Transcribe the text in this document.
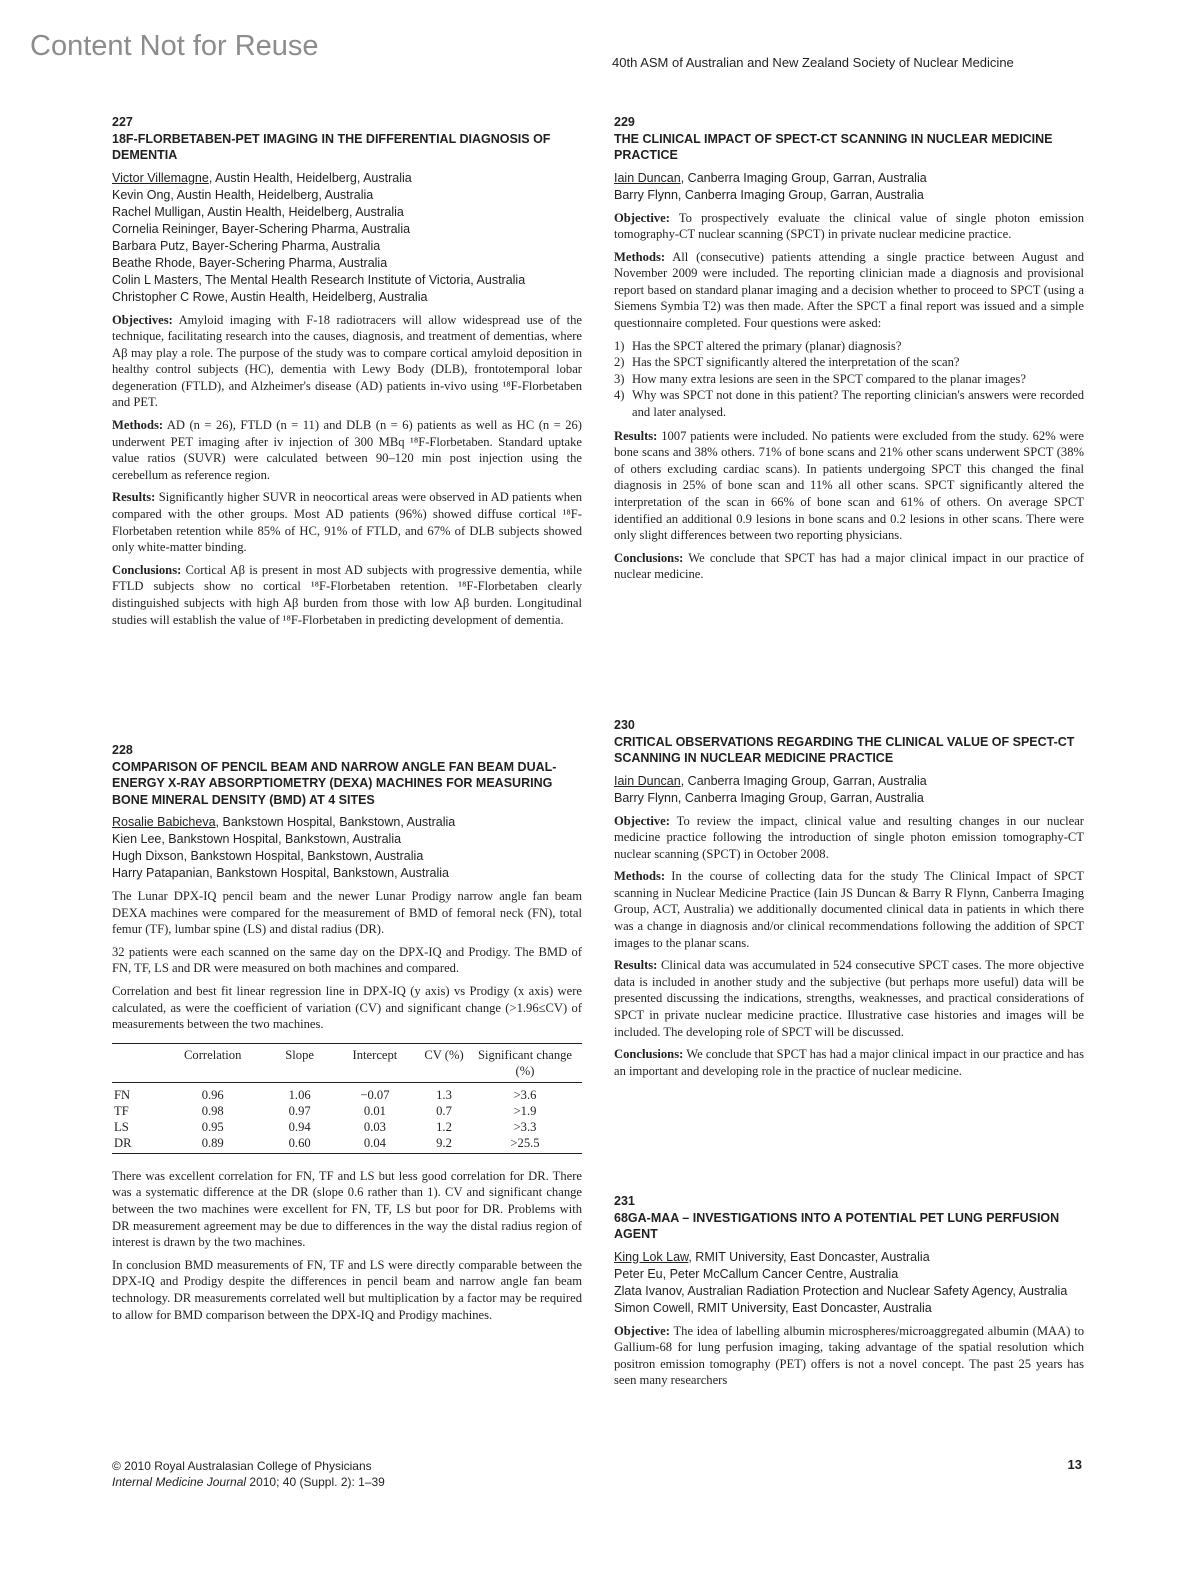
Content Not for Reuse
40th ASM of Australian and New Zealand Society of Nuclear Medicine
227
18F-FLORBETABEN-PET IMAGING IN THE DIFFERENTIAL DIAGNOSIS OF DEMENTIA
Victor Villemagne, Austin Health, Heidelberg, Australia
Kevin Ong, Austin Health, Heidelberg, Australia
Rachel Mulligan, Austin Health, Heidelberg, Australia
Cornelia Reininger, Bayer-Schering Pharma, Australia
Barbara Putz, Bayer-Schering Pharma, Australia
Beathe Rhode, Bayer-Schering Pharma, Australia
Colin L Masters, The Mental Health Research Institute of Victoria, Australia
Christopher C Rowe, Austin Health, Heidelberg, Australia

Objectives: Amyloid imaging with F-18 radiotracers will allow widespread use of the technique, facilitating research into the causes, diagnosis, and treatment of dementias, where Aβ may play a role. The purpose of the study was to compare cortical amyloid deposition in healthy control subjects (HC), dementia with Lewy Body (DLB), frontotemporal lobar degeneration (FTLD), and Alzheimer's disease (AD) patients in-vivo using ¹⁸F-Florbetaben and PET.

Methods: AD (n = 26), FTLD (n = 11) and DLB (n = 6) patients as well as HC (n = 26) underwent PET imaging after iv injection of 300 MBq ¹⁸F-Florbetaben. Standard uptake value ratios (SUVR) were calculated between 90–120 min post injection using the cerebellum as reference region.

Results: Significantly higher SUVR in neocortical areas were observed in AD patients when compared with the other groups. Most AD patients (96%) showed diffuse cortical ¹⁸F-Florbetaben retention while 85% of HC, 91% of FTLD, and 67% of DLB subjects showed only white-matter binding.

Conclusions: Cortical Aβ is present in most AD subjects with progressive dementia, while FTLD subjects show no cortical ¹⁸F-Florbetaben retention. ¹⁸F-Florbetaben clearly distinguished subjects with high Aβ burden from those with low Aβ burden. Longitudinal studies will establish the value of ¹⁸F-Florbetaben in predicting development of dementia.

228
COMPARISON OF PENCIL BEAM AND NARROW ANGLE FAN BEAM DUAL-ENERGY X-RAY ABSORPTIOMETRY (DEXA) MACHINES FOR MEASURING BONE MINERAL DENSITY (BMD) AT 4 SITES
Rosalie Babicheva, Bankstown Hospital, Bankstown, Australia
Kien Lee, Bankstown Hospital, Bankstown, Australia
Hugh Dixson, Bankstown Hospital, Bankstown, Australia
Harry Patapanian, Bankstown Hospital, Bankstown, Australia

The Lunar DPX-IQ pencil beam and the newer Lunar Prodigy narrow angle fan beam DEXA machines were compared for the measurement of BMD of femoral neck (FN), total femur (TF), lumbar spine (LS) and distal radius (DR).

32 patients were each scanned on the same day on the DPX-IQ and Prodigy. The BMD of FN, TF, LS and DR were measured on both machines and compared.

Correlation and best fit linear regression line in DPX-IQ (y axis) vs Prodigy (x axis) were calculated, as were the coefficient of variation (CV) and significant change (>1.96≤CV) of measurements between the two machines.

	Correlation	Slope	Intercept	CV (%)	Significant change (%)
FN	0.96	1.06	−0.07	1.3	>3.6
TF	0.98	0.97	0.01	0.7	>1.9
LS	0.95	0.94	0.03	1.2	>3.3
DR	0.89	0.60	0.04	9.2	>25.5

There was excellent correlation for FN, TF and LS but less good correlation for DR. There was a systematic difference at the DR (slope 0.6 rather than 1). CV and significant change between the two machines were excellent for FN, TF, LS but poor for DR. Problems with DR measurement agreement may be due to differences in the way the distal radius region of interest is drawn by the two machines.

In conclusion BMD measurements of FN, TF and LS were directly comparable between the DPX-IQ and Prodigy despite the differences in pencil beam and narrow angle fan beam technology. DR measurements correlated well but multiplication by a factor may be required to allow for BMD comparison between the DPX-IQ and Prodigy machines.

229
THE CLINICAL IMPACT OF SPECT-CT SCANNING IN NUCLEAR MEDICINE PRACTICE
Iain Duncan, Canberra Imaging Group, Garran, Australia
Barry Flynn, Canberra Imaging Group, Garran, Australia

Objective: To prospectively evaluate the clinical value of single photon emission tomography-CT nuclear scanning (SPCT) in private nuclear medicine practice.

Methods: All (consecutive) patients attending a single practice between August and November 2009 were included. The reporting clinician made a diagnosis and provisional report based on standard planar imaging and a decision whether to proceed to SPCT (using a Siemens Symbia T2) was then made. After the SPCT a final report was issued and a simple questionnaire completed. Four questions were asked:

1) Has the SPCT altered the primary (planar) diagnosis?
2) Has the SPCT significantly altered the interpretation of the scan?
3) How many extra lesions are seen in the SPCT compared to the planar images?
4) Why was SPCT not done in this patient? The reporting clinician's answers were recorded and later analysed.

Results: 1007 patients were included. No patients were excluded from the study. 62% were bone scans and 38% others. 71% of bone scans and 21% other scans underwent SPCT (38% of others excluding cardiac scans). In patients undergoing SPCT this changed the final diagnosis in 25% of bone scan and 11% all other scans. SPCT significantly altered the interpretation of the scan in 66% of bone scan and 61% of others. On average SPCT identified an additional 0.9 lesions in bone scans and 0.2 lesions in other scans. There were only slight differences between two reporting physicians.

Conclusions: We conclude that SPCT has had a major clinical impact in our practice of nuclear medicine.

230
CRITICAL OBSERVATIONS REGARDING THE CLINICAL VALUE OF SPECT-CT SCANNING IN NUCLEAR MEDICINE PRACTICE
Iain Duncan, Canberra Imaging Group, Garran, Australia
Barry Flynn, Canberra Imaging Group, Garran, Australia

Objective: To review the impact, clinical value and resulting changes in our nuclear medicine practice following the introduction of single photon emission tomography-CT nuclear scanning (SPCT) in October 2008.

Methods: In the course of collecting data for the study The Clinical Impact of SPCT scanning in Nuclear Medicine Practice (Iain JS Duncan & Barry R Flynn, Canberra Imaging Group, ACT, Australia) we additionally documented clinical data in patients in which there was a change in diagnosis and/or clinical recommendations following the addition of SPCT images to the planar scans.

Results: Clinical data was accumulated in 524 consecutive SPCT cases. The more objective data is included in another study and the subjective (but perhaps more useful) data will be presented discussing the indications, strengths, weaknesses, and practical considerations of SPCT in private nuclear medicine practice. Illustrative case histories and images will be included. The developing role of SPCT will be discussed.

Conclusions: We conclude that SPCT has had a major clinical impact in our practice and has an important and developing role in the practice of nuclear medicine.

231
68GA-MAA – INVESTIGATIONS INTO A POTENTIAL PET LUNG PERFUSION AGENT
King Lok Law, RMIT University, East Doncaster, Australia
Peter Eu, Peter McCallum Cancer Centre, Australia
Zlata Ivanov, Australian Radiation Protection and Nuclear Safety Agency, Australia
Simon Cowell, RMIT University, East Doncaster, Australia

Objective: The idea of labelling albumin microspheres/microaggregated albumin (MAA) to Gallium-68 for lung perfusion imaging, taking advantage of the spatial resolution which positron emission tomography (PET) offers is not a novel concept. The past 25 years has seen many researchers

© 2010 Royal Australasian College of Physicians
Internal Medicine Journal 2010; 40 (Suppl. 2): 1–39
13
